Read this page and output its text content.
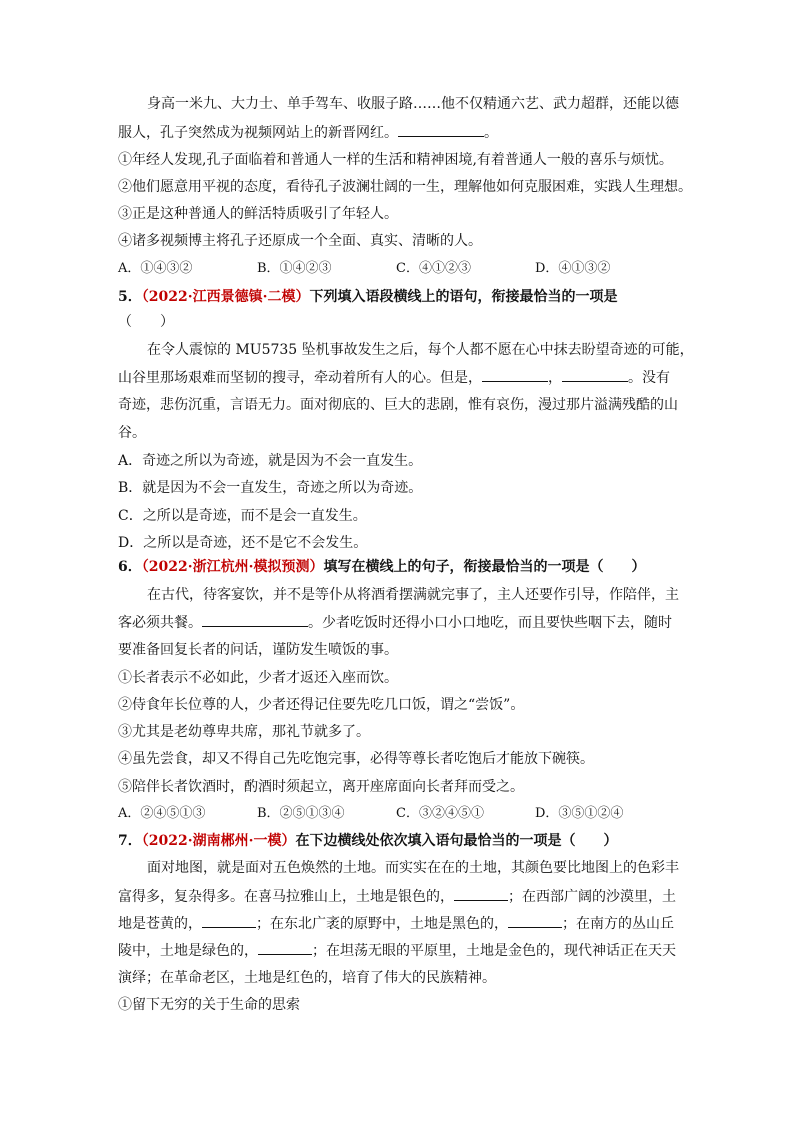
身高一米九、大力士、单手驾车、收服子路……他不仅精通六艺、武力超群，还能以德
服人，孔子突然成为视频网站上的新晋网红。	。
①年经人发现,孔子面临着和普通人一样的生活和精神困境,有着普通人一般的喜乐与烦忧。
②他们愿意用平视的态度，看待孔子波澜壮阔的一生，理解他如何克服困难，实践人生理想。
③正是这种普通人的鲜活特质吸引了年轻人。
④诸多视频博主将孔子还原成一个全面、真实、清晰的人。
A．①④③②	B．①④②③	C．④①②③	D．④①③②
5．（2022·江西景德镇·二模）下列填入语段横线上的语句，衔接最恰当的一项是
（　　）
在令人震惊的 MU5735 坠机事故发生之后，每个人都不愿在心中抹去盼望奇迹的可能，
山谷里那场艰难而坚韧的搜寻，牵动着所有人的心。但是，	，	。没有
奇迹，悲伤沉重，言语无力。面对彻底的、巨大的悲剧，惟有哀伤，漫过那片溢满残酷的山
谷。
A．奇迹之所以为奇迹，就是因为不会一直发生。
B．就是因为不会一直发生，奇迹之所以为奇迹。
C．之所以是奇迹，而不是会一直发生。
D．之所以是奇迹，还不是它不会发生。
6．（2022·浙江杭州·模拟预测）填写在横线上的句子，衔接最恰当的一项是（　　）
在古代，待客宴饮，并不是等仆从将酒肴摆满就完事了，主人还要作引导，作陪伴，主
客必须共餐。	。少者吃饭时还得小口小口地吃，而且要快些咽下去，随时
要准备回复长者的问话，谨防发生喷饭的事。
①长者表示不必如此，少者才返还入座而饮。
②侍食年长位尊的人，少者还得记住要先吃几口饭，谓之“尝饭”。
③尤其是老幼尊卑共席，那礼节就多了。
④虽先尝食，却又不得自己先吃饱完事，必得等尊长者吃饱后才能放下碗筷。
⑤陪伴长者饮酒时，酌酒时须起立，离开座席面向长者拜而受之。
A．②④⑤①③	B．②⑤①③④	C．③②④⑤①	D．③⑤①②④
7．（2022·湖南郴州·一模）在下边横线处依次填入语句最恰当的一项是（　　）
面对地图，就是面对五色焕然的土地。而实实在在的土地，其颜色要比地图上的色彩丰
富得多，复杂得多。在喜马拉雅山上，土地是银色的，	；在西部广阔的沙漠里，土
地是苍黄的，	；在东北广袤的原野中，土地是黑色的，	；在南方的丛山丘
陵中，土地是绿色的，	；在坦荡无眼的平原里，土地是金色的，现代神话正在天天
演绎；在革命老区，土地是红色的，培育了伟大的民族精神。
①留下无穷的关于生命的思索
